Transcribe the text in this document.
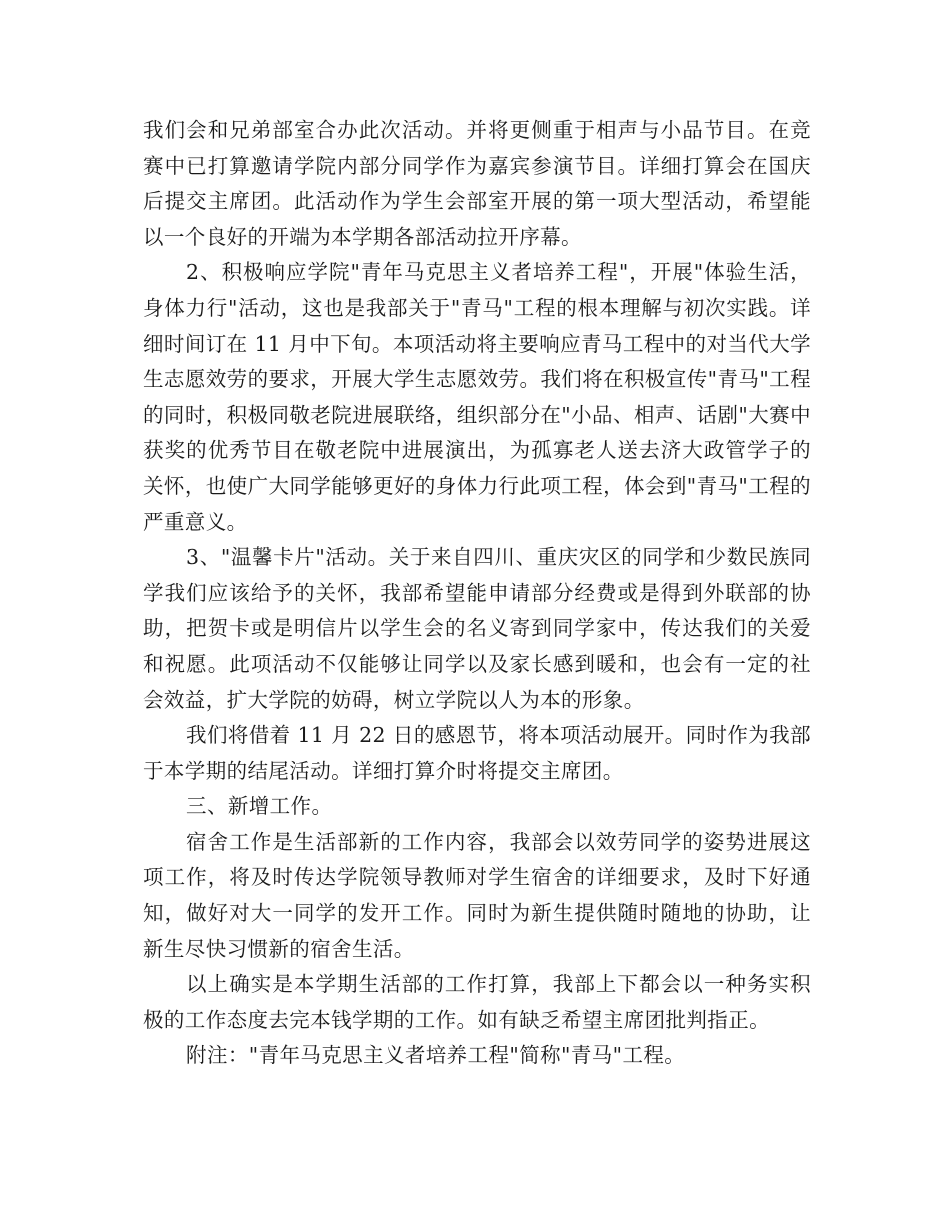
我们会和兄弟部室合办此次活动。并将更侧重于相声与小品节目。在竞赛中已打算邀请学院内部分同学作为嘉宾参演节目。详细打算会在国庆后提交主席团。此活动作为学生会部室开展的第一项大型活动，希望能以一个良好的开端为本学期各部活动拉开序幕。

2、积极响应学院"青年马克思主义者培养工程"，开展"体验生活，身体力行"活动，这也是我部关于"青马"工程的根本理解与初次实践。详细时间订在 11 月中下旬。本项活动将主要响应青马工程中的对当代大学生志愿效劳的要求，开展大学生志愿效劳。我们将在积极宣传"青马"工程的同时，积极同敬老院进展联络，组织部分在"小品、相声、话剧"大赛中获奖的优秀节目在敬老院中进展演出，为孤寡老人送去济大政管学子的关怀，也使广大同学能够更好的身体力行此项工程，体会到"青马"工程的严重意义。

3、"温馨卡片"活动。关于来自四川、重庆灾区的同学和少数民族同学我们应该给予的关怀，我部希望能申请部分经费或是得到外联部的协助，把贺卡或是明信片以学生会的名义寄到同学家中，传达我们的关爱和祝愿。此项活动不仅能够让同学以及家长感到暖和，也会有一定的社会效益，扩大学院的妨碍，树立学院以人为本的形象。

我们将借着 11 月 22 日的感恩节，将本项活动展开。同时作为我部于本学期的结尾活动。详细打算介时将提交主席团。

三、新增工作。

宿舍工作是生活部新的工作内容，我部会以效劳同学的姿势进展这项工作，将及时传达学院领导教师对学生宿舍的详细要求，及时下好通知，做好对大一同学的发开工作。同时为新生提供随时随地的协助，让新生尽快习惯新的宿舍生活。

以上确实是本学期生活部的工作打算，我部上下都会以一种务实积极的工作态度去完本钱学期的工作。如有缺乏希望主席团批判指正。

附注："青年马克思主义者培养工程"简称"青马"工程。
